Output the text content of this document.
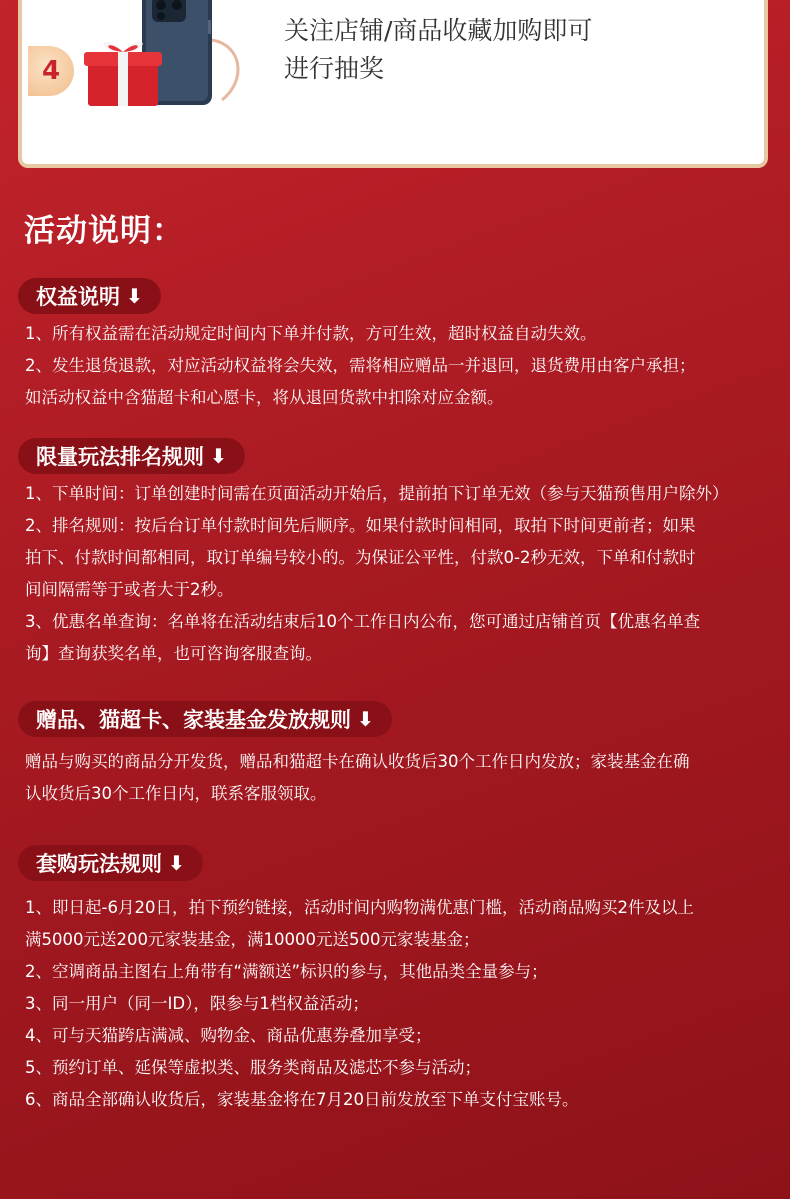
4
关注店铺/商品收藏加购即可
进行抽奖
活动说明：
权益说明 ⬇

1、所有权益需在活动规定时间内下单并付款，方可生效，超时权益自动失效。

2、发生退货退款，对应活动权益将会失效，需将相应赠品一并退回，退货费用由客户承担；

如活动权益中含猫超卡和心愿卡，将从退回货款中扣除对应金额。

限量玩法排名规则 ⬇

1、下单时间：订单创建时间需在页面活动开始后，提前拍下订单无效（参与天猫预售用户除外）

2、排名规则：按后台订单付款时间先后顺序。如果付款时间相同，取拍下时间更前者；如果

拍下、付款时间都相同，取订单编号较小的。为保证公平性，付款0-2秒无效，下单和付款时

间间隔需等于或者大于2秒。

3、优惠名单查询：名单将在活动结束后10个工作日内公布，您可通过店铺首页【优惠名单查

询】查询获奖名单，也可咨询客服查询。

赠品、猫超卡、家装基金发放规则 ⬇

赠品与购买的商品分开发货，赠品和猫超卡在确认收货后30个工作日内发放；家装基金在确

认收货后30个工作日内，联系客服领取。

套购玩法规则 ⬇

1、即日起-6月20日，拍下预约链接，活动时间内购物满优惠门槛，活动商品购买2件及以上

满5000元送200元家装基金，满10000元送500元家装基金；

2、空调商品主图右上角带有“满额送”标识的参与，其他品类全量参与；

3、同一用户（同一ID），限参与1档权益活动；

4、可与天猫跨店满减、购物金、商品优惠券叠加享受；

5、预约订单、延保等虚拟类、服务类商品及滤芯不参与活动；

6、商品全部确认收货后，家装基金将在7月20日前发放至下单支付宝账号。
